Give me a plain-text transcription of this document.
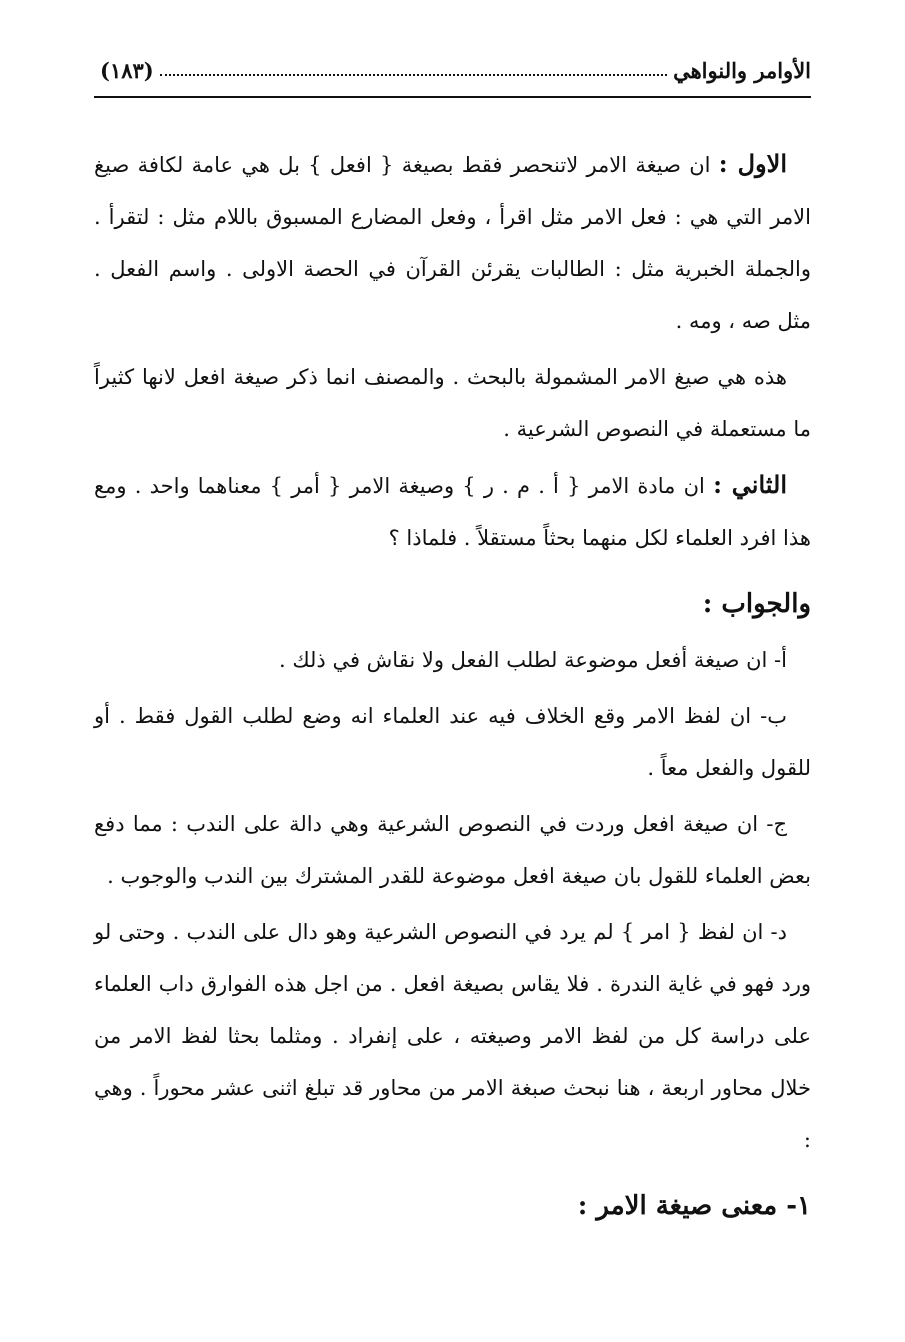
الأوامر والنواهي
(١٨٣)

الاول : ان صيغة الامر لاتنحصر فقط بصيغة { افعل } بل هي عامة لكافة صيغ الامر التي هي : فعل الامر مثل اقرأ ، وفعل المضارع المسبوق باللام مثل : لتقرأ . والجملة الخبرية مثل : الطالبات يقرئن القرآن في الحصة الاولى . واسم الفعل . مثل صه ، ومه .

هذه هي صيغ الامر المشمولة بالبحث . والمصنف انما ذكر صيغة افعل لانها كثيراً ما مستعملة في النصوص الشرعية .

الثاني : ان مادة الامر { أ . م . ر } وصيغة الامر { أمر } معناهما واحد . ومع هذا افرد العلماء لكل منهما بحثاً مستقلاً . فلماذا ؟

والجواب :

أ- ان صيغة أفعل موضوعة لطلب الفعل ولا نقاش في ذلك .

ب- ان لفظ الامر وقع الخلاف فيه عند العلماء انه وضع لطلب القول فقط . أو للقول والفعل معاً .

ج- ان صيغة افعل وردت في النصوص الشرعية وهي دالة على الندب : مما دفع بعض العلماء للقول بان صيغة افعل موضوعة للقدر المشترك بين الندب والوجوب .

د- ان لفظ { امر } لم يرد في النصوص الشرعية وهو دال على الندب . وحتى لو ورد فهو في غاية الندرة . فلا يقاس بصيغة افعل . من اجل هذه الفوارق داب العلماء على دراسة كل من لفظ الامر وصيغته ، على إنفراد . ومثلما بحثا لفظ الامر من خلال محاور اربعة ، هنا نبحث صبغة الامر من محاور قد تبلغ اثنى عشر محوراً . وهي :

١- معنى صيغة الامر :
